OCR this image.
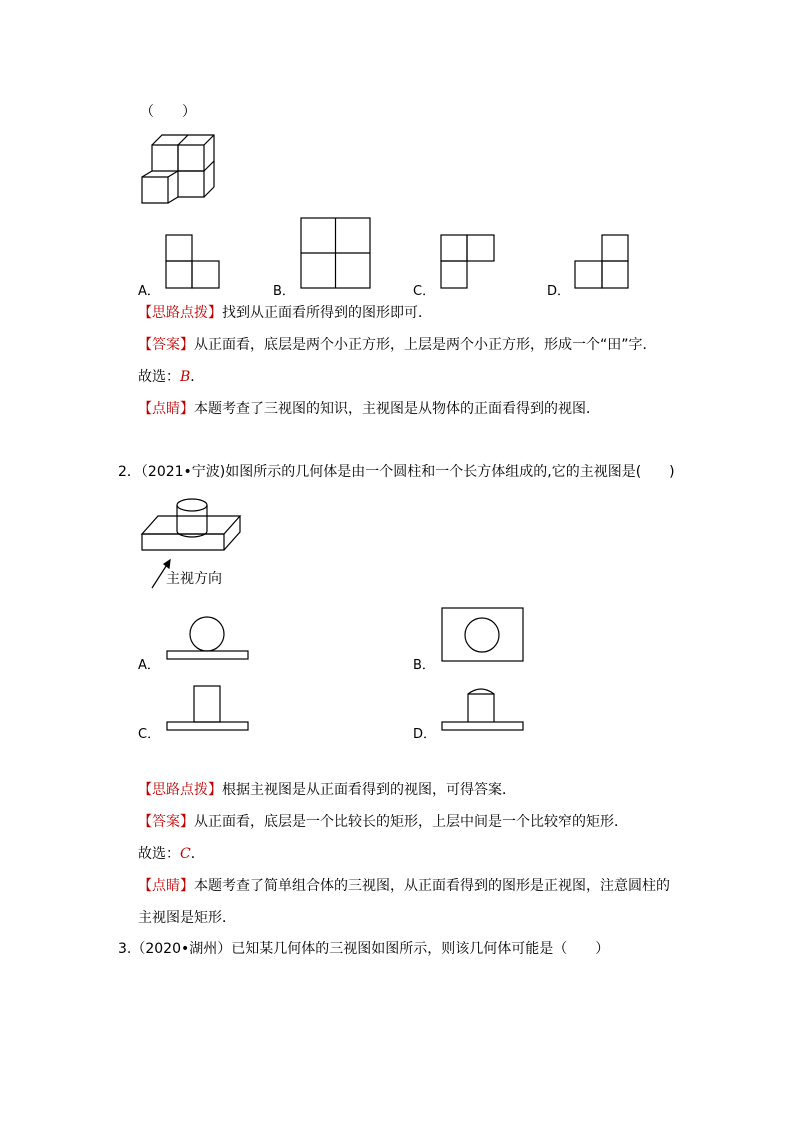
（　　）
A．	B．	C．	D．
【思路点拨】找到从正面看所得到的图形即可．
【答案】从正面看，底层是两个小正方形，上层是两个小正方形，形成一个“田”字．
故选：B．
【点睛】本题考查了三视图的知识，主视图是从物体的正面看得到的视图．
2．（2021•宁波)如图所示的几何体是由一个圆柱和一个长方体组成的,它的主视图是(　　)
主视方向
A．	B．
C．	D．
【思路点拨】根据主视图是从正面看得到的视图，可得答案．
【答案】从正面看，底层是一个比较长的矩形，上层中间是一个比较窄的矩形．
故选：C．
【点睛】本题考查了简单组合体的三视图，从正面看得到的图形是正视图，注意圆柱的
主视图是矩形．
3.（2020•湖州）已知某几何体的三视图如图所示，则该几何体可能是（　　）
